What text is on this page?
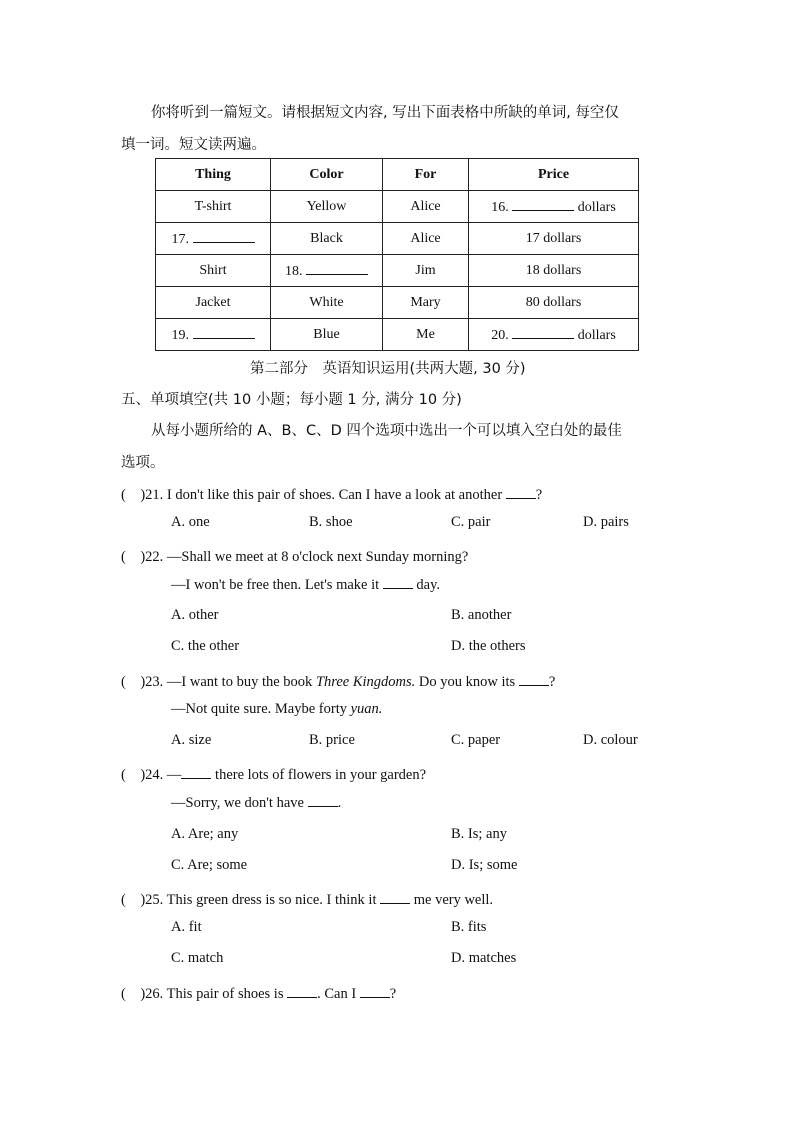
你将听到一篇短文。请根据短文内容, 写出下面表格中所缺的单词, 每空仅
填一词。短文读两遍。
Thing	Color	For	Price
T-shirt	Yellow	Alice	16. dollars
17.	Black	Alice	17 dollars
Shirt	18.	Jim	18 dollars
Jacket	White	Mary	80 dollars
19.	Blue	Me	20. dollars
第二部分　英语知识运用(共两大题, 30 分)
五、单项填空(共 10 小题；每小题 1 分, 满分 10 分)
从每小题所给的 A、B、C、D 四个选项中选出一个可以填入空白处的最佳
选项。
(　)21. I don't like this pair of shoes. Can I have a look at another ?
A. one	B. shoe	C. pair	D. pairs
(　)22. —Shall we meet at 8 o'clock next Sunday morning?
—I won't be free then. Let's make it	day.
A. other	B. another
C. the other	D. the others
(　)23. —I want to buy the book Three Kingdoms. Do you know its ?
—Not quite sure. Maybe forty yuan.
A. size	B. price	C. paper	D. colour
(　)24. — there lots of flowers in your garden?
—Sorry, we don't have .
A. Are; any	B. Is; any
C. Are; some	D. Is; some
(　)25. This green dress is so nice. I think it	me very well.
A. fit	B. fits
C. match	D. matches
(　)26. This pair of shoes is . Can I ?
